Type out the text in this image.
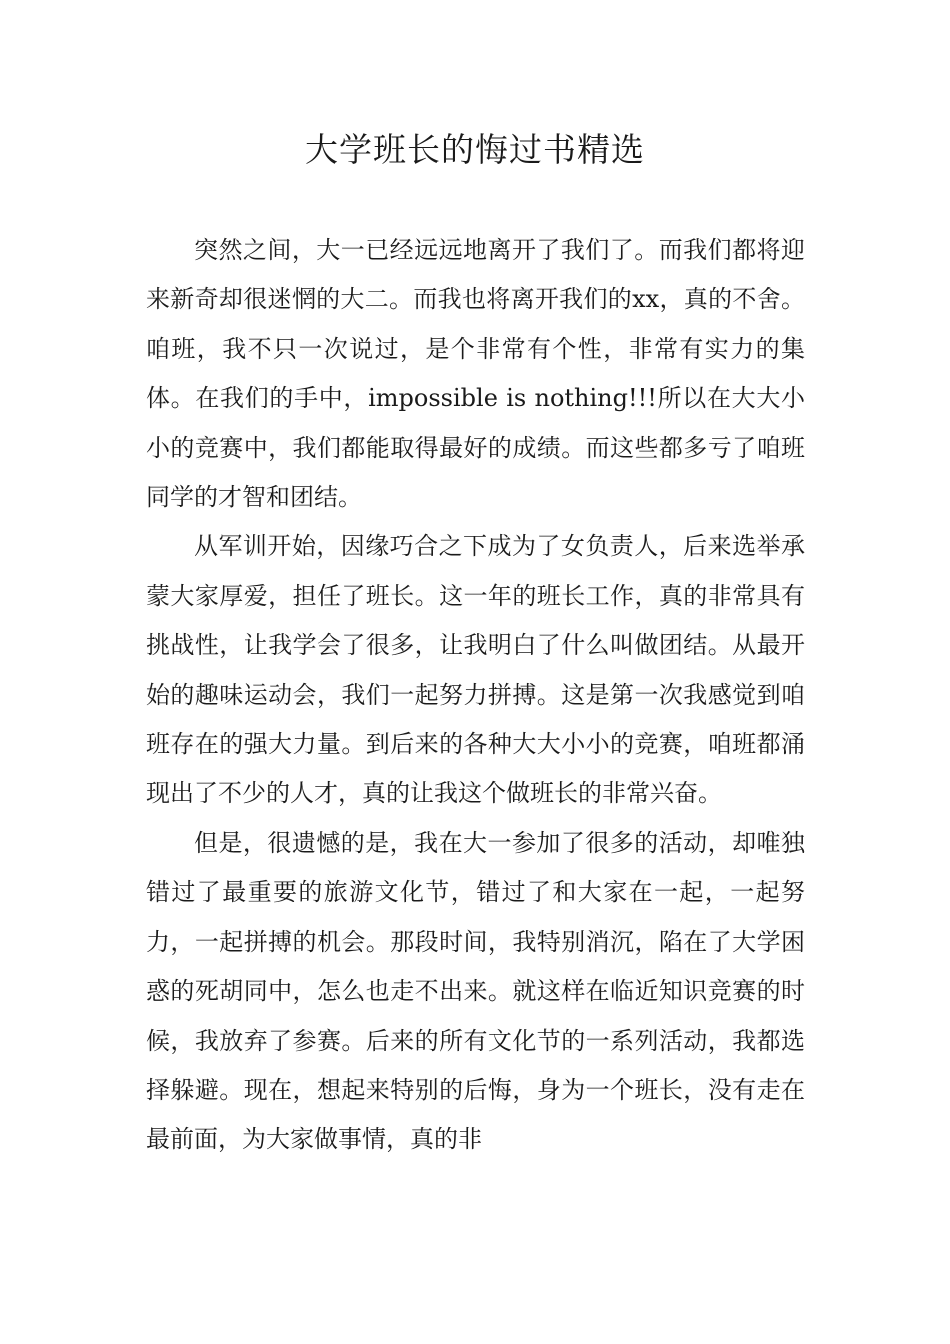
大学班长的悔过书精选

突然之间，大一已经远远地离开了我们了。而我们都将迎来新奇却很迷惘的大二。而我也将离开我们的xx，真的不舍。咱班，我不只一次说过，是个非常有个性，非常有实力的集体。在我们的手中，impossible is nothing!!!所以在大大小小的竞赛中，我们都能取得最好的成绩。而这些都多亏了咱班同学的才智和团结。

从军训开始，因缘巧合之下成为了女负责人，后来选举承蒙大家厚爱，担任了班长。这一年的班长工作，真的非常具有挑战性，让我学会了很多，让我明白了什么叫做团结。从最开始的趣味运动会，我们一起努力拼搏。这是第一次我感觉到咱班存在的强大力量。到后来的各种大大小小的竞赛，咱班都涌现出了不少的人才，真的让我这个做班长的非常兴奋。

但是，很遗憾的是，我在大一参加了很多的活动，却唯独错过了最重要的旅游文化节，错过了和大家在一起，一起努力，一起拼搏的机会。那段时间，我特别消沉，陷在了大学困惑的死胡同中，怎么也走不出来。就这样在临近知识竞赛的时候，我放弃了参赛。后来的所有文化节的一系列活动，我都选择躲避。现在，想起来特别的后悔，身为一个班长，没有走在最前面，为大家做事情，真的非
